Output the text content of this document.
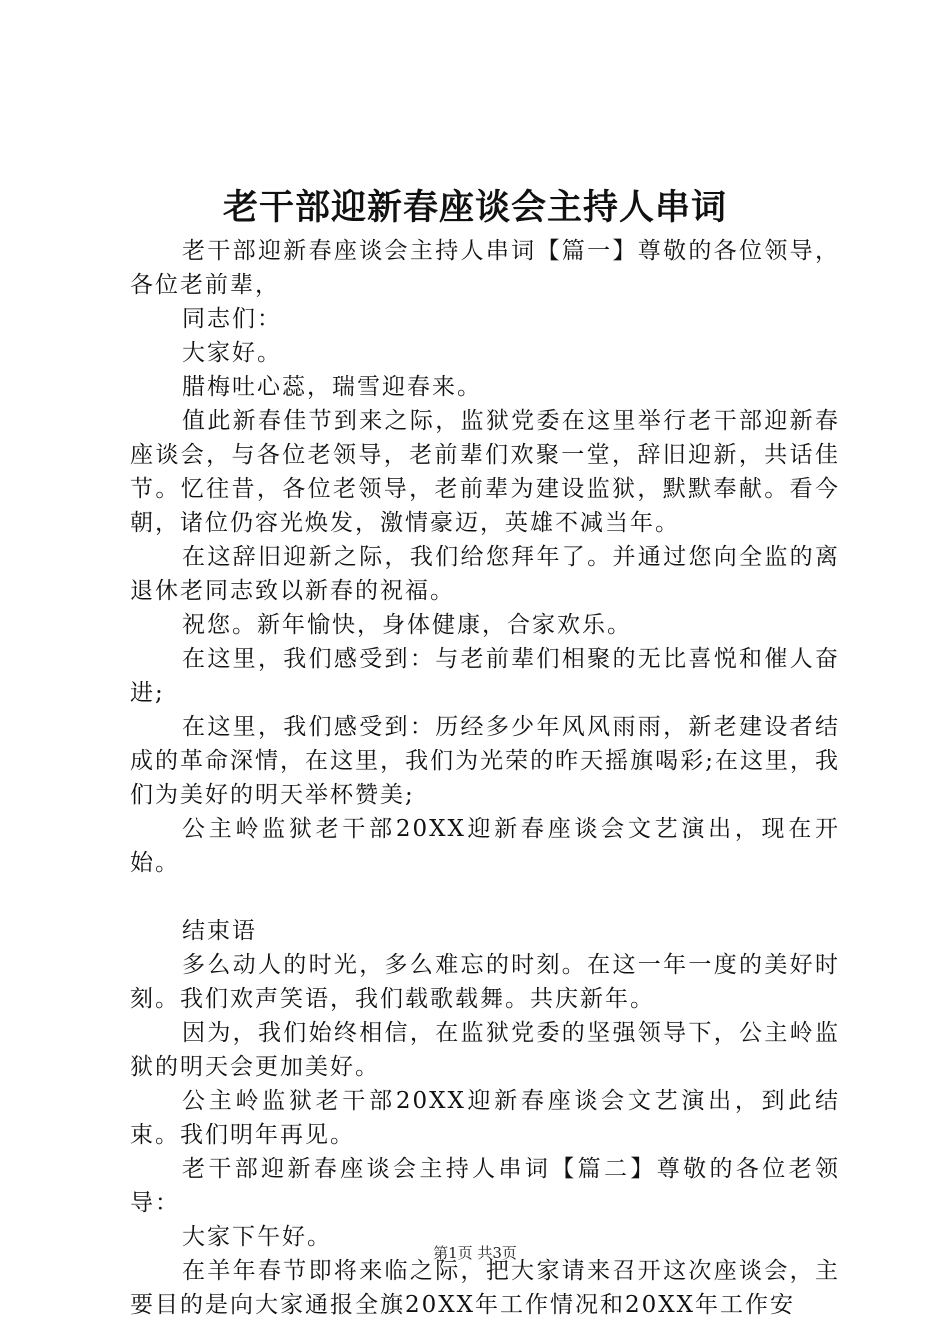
老干部迎新春座谈会主持人串词

老干部迎新春座谈会主持人串词【篇一】尊敬的各位领导，各位老前辈，

同志们：

大家好。

腊梅吐心蕊，瑞雪迎春来。

值此新春佳节到来之际，监狱党委在这里举行老干部迎新春座谈会，与各位老领导，老前辈们欢聚一堂，辞旧迎新，共话佳节。忆往昔，各位老领导，老前辈为建设监狱，默默奉献。看今朝，诸位仍容光焕发，激情豪迈，英雄不减当年。

在这辞旧迎新之际，我们给您拜年了。并通过您向全监的离退休老同志致以新春的祝福。

祝您。新年愉快，身体健康，合家欢乐。

在这里，我们感受到：与老前辈们相聚的无比喜悦和催人奋进;

在这里，我们感受到：历经多少年风风雨雨，新老建设者结成的革命深情，在这里，我们为光荣的昨天摇旗喝彩;在这里，我们为美好的明天举杯赞美;

公主岭监狱老干部20XX迎新春座谈会文艺演出，现在开始。

结束语

多么动人的时光，多么难忘的时刻。在这一年一度的美好时刻。我们欢声笑语，我们载歌载舞。共庆新年。

因为，我们始终相信，在监狱党委的坚强领导下，公主岭监狱的明天会更加美好。

公主岭监狱老干部20XX迎新春座谈会文艺演出，到此结束。我们明年再见。

老干部迎新春座谈会主持人串词【篇二】尊敬的各位老领导：

大家下午好。

在羊年春节即将来临之际，把大家请来召开这次座谈会，主要目的是向大家通报全旗20XX年工作情况和20XX年工作安

第1页 共3页
